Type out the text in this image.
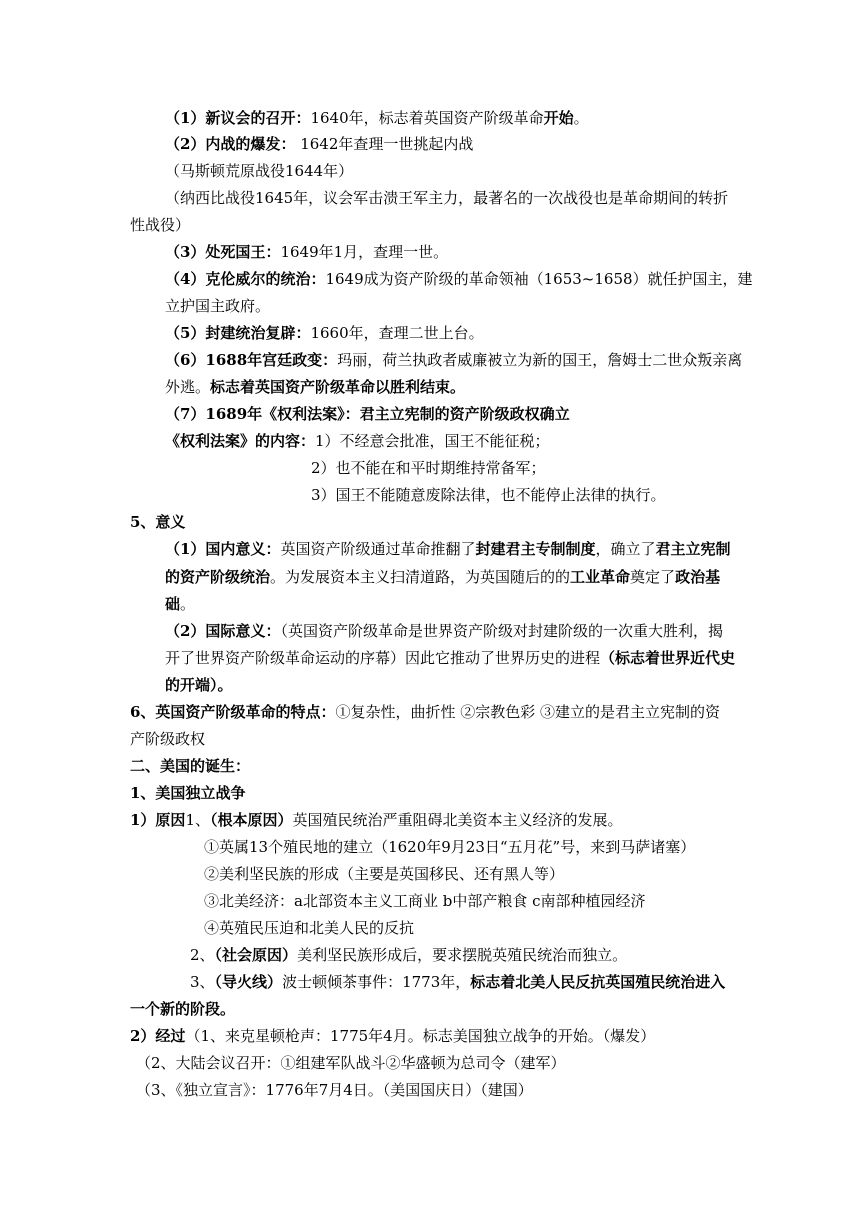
（1）新议会的召开：1640年，标志着英国资产阶级革命开始。
（2）内战的爆发： 1642年查理一世挑起内战
（马斯顿荒原战役1644年）
（纳西比战役1645年，议会军击溃王军主力，最著名的一次战役也是革命期间的转折
性战役）
（3）处死国王：1649年1月，查理一世。
（4）克伦威尔的统治：1649成为资产阶级的革命领袖（1653~1658）就任护国主，建
立护国主政府。
（5）封建统治复辟：1660年，查理二世上台。
（6）1688年宫廷政变：玛丽，荷兰执政者威廉被立为新的国王，詹姆士二世众叛亲离
外逃。标志着英国资产阶级革命以胜利结束。
（7）1689年《权利法案》：君主立宪制的资产阶级政权确立
《权利法案》的内容：1）不经意会批准，国王不能征税；
2）也不能在和平时期维持常备军；
3）国王不能随意废除法律，也不能停止法律的执行。
5、意义
（1）国内意义：英国资产阶级通过革命推翻了封建君主专制制度，确立了君主立宪制
的资产阶级统治。为发展资本主义扫清道路，为英国随后的的工业革命奠定了政治基
础。
（2）国际意义：（英国资产阶级革命是世界资产阶级对封建阶级的一次重大胜利，揭
开了世界资产阶级革命运动的序幕）因此它推动了世界历史的进程（标志着世界近代史
的开端）。
6、英国资产阶级革命的特点：①复杂性，曲折性 ②宗教色彩 ③建立的是君主立宪制的资
产阶级政权
二、美国的诞生：
1、美国独立战争
1）原因1、（根本原因）英国殖民统治严重阻碍北美资本主义经济的发展。
①英属13个殖民地的建立（1620年9月23日“五月花”号，来到马萨诸塞）
②美利坚民族的形成（主要是英国移民、还有黑人等）
③北美经济：a北部资本主义工商业 b中部产粮食 c南部种植园经济
④英殖民压迫和北美人民的反抗
2、（社会原因）美利坚民族形成后，要求摆脱英殖民统治而独立。
3、（导火线）波士顿倾茶事件：1773年，标志着北美人民反抗英国殖民统治进入
一个新的阶段。
2）经过（1、来克星顿枪声：1775年4月。标志美国独立战争的开始。（爆发）
（2、大陆会议召开：①组建军队战斗②华盛顿为总司令（建军）
（3、《独立宣言》：1776年7月4日。（美国国庆日）（建国）
